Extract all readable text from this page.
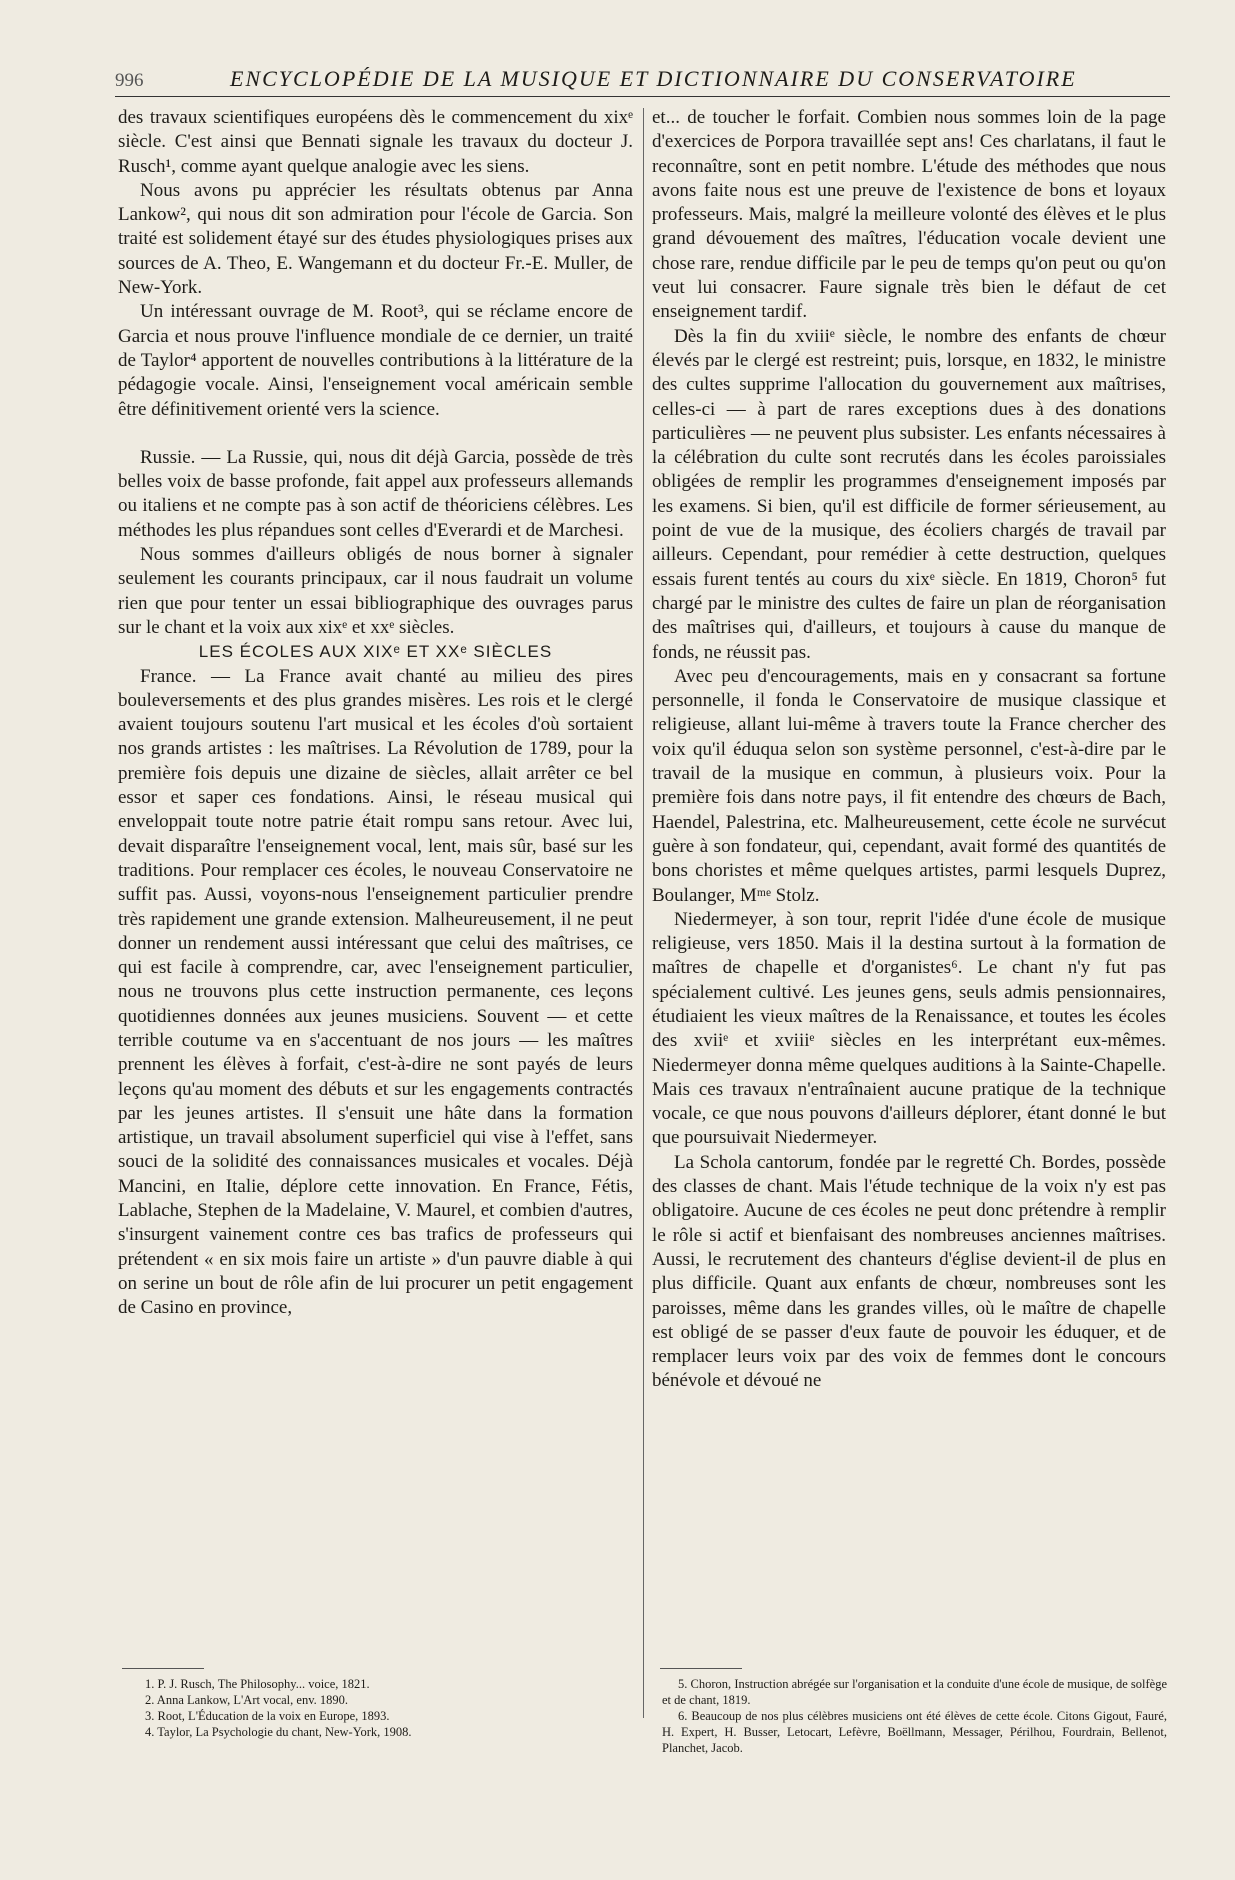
996	ENCYCLOPÉDIE DE LA MUSIQUE ET DICTIONNAIRE DU CONSERVATOIRE

des travaux scientifiques européens dès le commencement du xixᵉ siècle. C'est ainsi que Bennati signale les travaux du docteur J. Rusch¹, comme ayant quelque analogie avec les siens.

Nous avons pu apprécier les résultats obtenus par Anna Lankow², qui nous dit son admiration pour l'école de Garcia. Son traité est solidement étayé sur des études physiologiques prises aux sources de A. Theo, E. Wangemann et du docteur Fr.-E. Muller, de New-York.

Un intéressant ouvrage de M. Root³, qui se réclame encore de Garcia et nous prouve l'influence mondiale de ce dernier, un traité de Taylor⁴ apportent de nouvelles contributions à la littérature de la pédagogie vocale. Ainsi, l'enseignement vocal américain semble être définitivement orienté vers la science.

Russie. — La Russie, qui, nous dit déjà Garcia, possède de très belles voix de basse profonde, fait appel aux professeurs allemands ou italiens et ne compte pas à son actif de théoriciens célèbres. Les méthodes les plus répandues sont celles d'Everardi et de Marchesi.

Nous sommes d'ailleurs obligés de nous borner à signaler seulement les courants principaux, car il nous faudrait un volume rien que pour tenter un essai bibliographique des ouvrages parus sur le chant et la voix aux xixᵉ et xxᵉ siècles.

LES ÉCOLES AUX XIXᵉ ET XXᵉ SIÈCLES

France. — La France avait chanté au milieu des pires bouleversements et des plus grandes misères. Les rois et le clergé avaient toujours soutenu l'art musical et les écoles d'où sortaient nos grands artistes : les maîtrises. La Révolution de 1789, pour la première fois depuis une dizaine de siècles, allait arrêter ce bel essor et saper ces fondations. Ainsi, le réseau musical qui enveloppait toute notre patrie était rompu sans retour. Avec lui, devait disparaître l'enseignement vocal, lent, mais sûr, basé sur les traditions. Pour remplacer ces écoles, le nouveau Conservatoire ne suffit pas. Aussi, voyons-nous l'enseignement particulier prendre très rapidement une grande extension. Malheureusement, il ne peut donner un rendement aussi intéressant que celui des maîtrises, ce qui est facile à comprendre, car, avec l'enseignement particulier, nous ne trouvons plus cette instruction permanente, ces leçons quotidiennes données aux jeunes musiciens. Souvent — et cette terrible coutume va en s'accentuant de nos jours — les maîtres prennent les élèves à forfait, c'est-à-dire ne sont payés de leurs leçons qu'au moment des débuts et sur les engagements contractés par les jeunes artistes. Il s'ensuit une hâte dans la formation artistique, un travail absolument superficiel qui vise à l'effet, sans souci de la solidité des connaissances musicales et vocales. Déjà Mancini, en Italie, déplore cette innovation. En France, Fétis, Lablache, Stephen de la Madelaine, V. Maurel, et combien d'autres, s'insurgent vainement contre ces bas trafics de professeurs qui prétendent « en six mois faire un artiste » d'un pauvre diable à qui on serine un bout de rôle afin de lui procurer un petit engagement de Casino en province,

et... de toucher le forfait. Combien nous sommes loin de la page d'exercices de Porpora travaillée sept ans! Ces charlatans, il faut le reconnaître, sont en petit nombre. L'étude des méthodes que nous avons faite nous est une preuve de l'existence de bons et loyaux professeurs. Mais, malgré la meilleure volonté des élèves et le plus grand dévouement des maîtres, l'éducation vocale devient une chose rare, rendue difficile par le peu de temps qu'on peut ou qu'on veut lui consacrer. Faure signale très bien le défaut de cet enseignement tardif.

Dès la fin du xviiiᵉ siècle, le nombre des enfants de chœur élevés par le clergé est restreint; puis, lorsque, en 1832, le ministre des cultes supprime l'allocation du gouvernement aux maîtrises, celles-ci — à part de rares exceptions dues à des donations particulières — ne peuvent plus subsister. Les enfants nécessaires à la célébration du culte sont recrutés dans les écoles paroissiales obligées de remplir les programmes d'enseignement imposés par les examens. Si bien, qu'il est difficile de former sérieusement, au point de vue de la musique, des écoliers chargés de travail par ailleurs. Cependant, pour remédier à cette destruction, quelques essais furent tentés au cours du xixᵉ siècle. En 1819, Choron⁵ fut chargé par le ministre des cultes de faire un plan de réorganisation des maîtrises qui, d'ailleurs, et toujours à cause du manque de fonds, ne réussit pas.

Avec peu d'encouragements, mais en y consacrant sa fortune personnelle, il fonda le Conservatoire de musique classique et religieuse, allant lui-même à travers toute la France chercher des voix qu'il éduqua selon son système personnel, c'est-à-dire par le travail de la musique en commun, à plusieurs voix. Pour la première fois dans notre pays, il fit entendre des chœurs de Bach, Haendel, Palestrina, etc. Malheureusement, cette école ne survécut guère à son fondateur, qui, cependant, avait formé des quantités de bons choristes et même quelques artistes, parmi lesquels Duprez, Boulanger, Mᵐᵉ Stolz.

Niedermeyer, à son tour, reprit l'idée d'une école de musique religieuse, vers 1850. Mais il la destina surtout à la formation de maîtres de chapelle et d'organistes⁶. Le chant n'y fut pas spécialement cultivé. Les jeunes gens, seuls admis pensionnaires, étudiaient les vieux maîtres de la Renaissance, et toutes les écoles des xviiᵉ et xviiiᵉ siècles en les interprétant eux-mêmes. Niedermeyer donna même quelques auditions à la Sainte-Chapelle. Mais ces travaux n'entraînaient aucune pratique de la technique vocale, ce que nous pouvons d'ailleurs déplorer, étant donné le but que poursuivait Niedermeyer.

La Schola cantorum, fondée par le regretté Ch. Bordes, possède des classes de chant. Mais l'étude technique de la voix n'y est pas obligatoire. Aucune de ces écoles ne peut donc prétendre à remplir le rôle si actif et bienfaisant des nombreuses anciennes maîtrises. Aussi, le recrutement des chanteurs d'église devient-il de plus en plus difficile. Quant aux enfants de chœur, nombreuses sont les paroisses, même dans les grandes villes, où le maître de chapelle est obligé de se passer d'eux faute de pouvoir les éduquer, et de remplacer leurs voix par des voix de femmes dont le concours bénévole et dévoué ne

1. P. J. Rusch, The Philosophy... voice, 1821.

2. Anna Lankow, L'Art vocal, env. 1890.

3. Root, L'Éducation de la voix en Europe, 1893.

4. Taylor, La Psychologie du chant, New-York, 1908.

5. Choron, Instruction abrégée sur l'organisation et la conduite d'une école de musique, de solfège et de chant, 1819.

6. Beaucoup de nos plus célèbres musiciens ont été élèves de cette école. Citons Gigout, Fauré, H. Expert, H. Busser, Letocart, Lefèvre, Boëllmann, Messager, Périlhou, Fourdrain, Bellenot, Planchet, Jacob.
